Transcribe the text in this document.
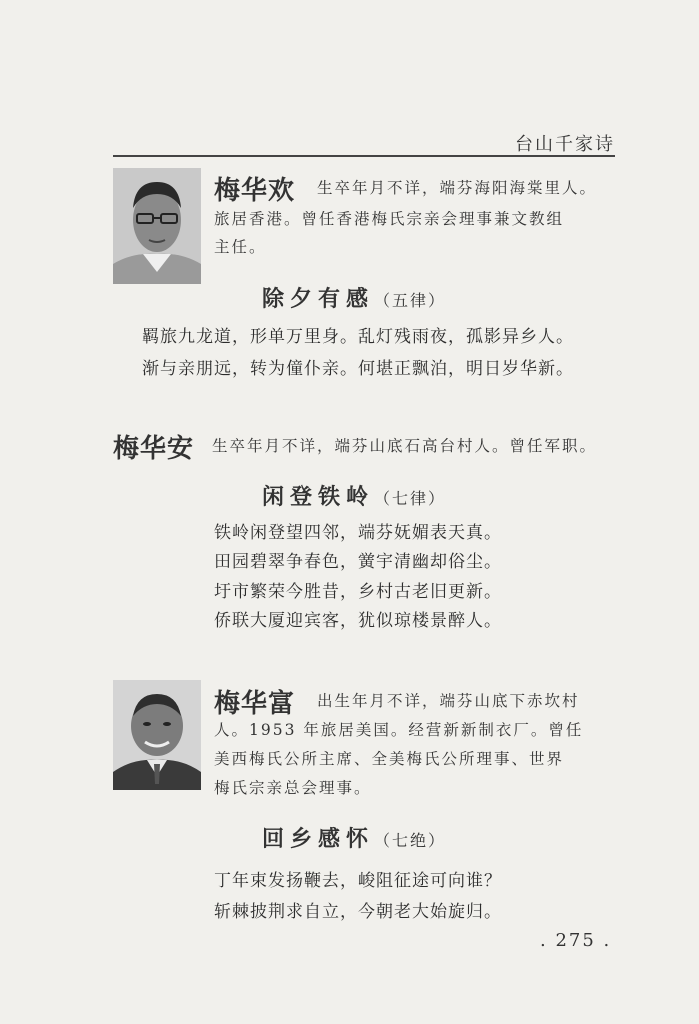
台山千家诗
梅华欢 生卒年月不详，端芬海阳海棠里人。
旅居香港。曾任香港梅氏宗亲会理事兼文教组
主任。
除夕有感（五律）
羁旅九龙道，形单万里身。乱灯残雨夜，孤影异乡人。
渐与亲朋远，转为僮仆亲。何堪正飘泊，明日岁华新。
梅华安 生卒年月不详，端芬山底石高台村人。曾任军职。
闲登铁岭（七律）
铁岭闲登望四邻，端芬妩媚表天真。
田园碧翠争春色，黉宇清幽却俗尘。
圩市繁荣今胜昔，乡村古老旧更新。
侨联大厦迎宾客，犹似琼楼景醉人。
梅华富 出生年月不详，端芬山底下赤坎村
人。1953 年旅居美国。经营新新制衣厂。曾任
美西梅氏公所主席、全美梅氏公所理事、世界
梅氏宗亲总会理事。
回乡感怀（七绝）
丁年束发扬鞭去，峻阻征途可向谁？
斩棘披荆求自立，今朝老大始旋归。
. 275 .
